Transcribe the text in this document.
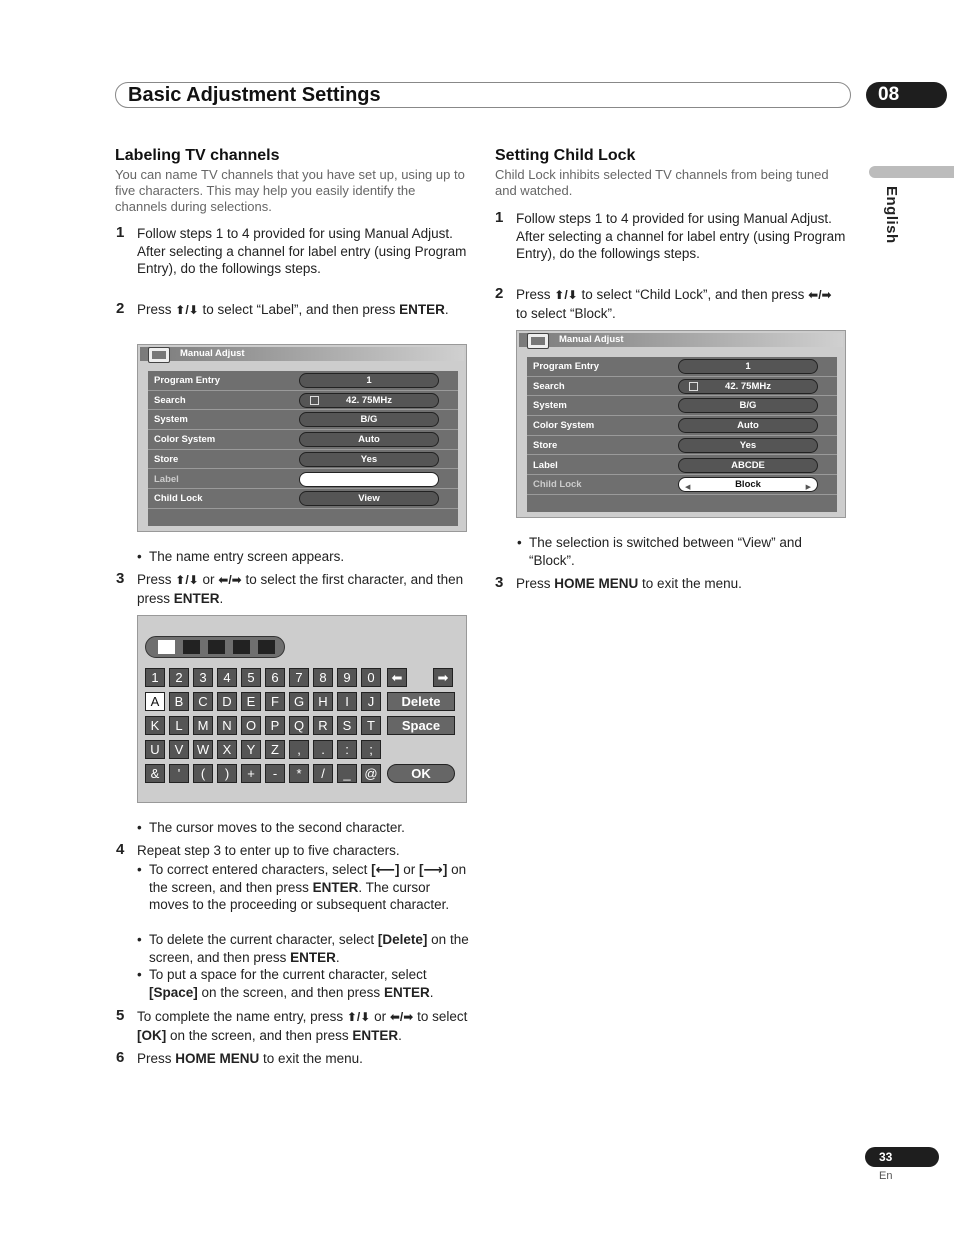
Basic Adjustment Settings	08
English
Labeling TV channels
You can name TV channels that you have set up, using up to five characters. This may help you easily identify the channels during selections.
1 Follow steps 1 to 4 provided for using Manual Adjust.
After selecting a channel for label entry (using Program Entry), do the followings steps.
2 Press ⬆/⬇ to select “Label”, and then press ENTER.
Manual Adjust
Program Entry	1
Search	42. 75MHz
System	B/G
Color System	Auto
Store	Yes
Label
Child Lock	View
• The name entry screen appears.
3 Press ⬆/⬇ or ⬅/➡ to select the first character, and then press ENTER.
1	2	3	4	5	6	7	8	9	0	⬅	➡
A	B	C	D	E	F	G	H	I	J	Delete
K	L	M	N	O	P	Q	R	S	T	Space
U	V	W	X	Y	Z	,	.	:	;
&	'	(	)	+	-	*	/	_	@	OK
• The cursor moves to the second character.
4 Repeat step 3 to enter up to five characters.
• To correct entered characters, select [⟵] or [⟶] on the screen, and then press ENTER. The cursor moves to the proceeding or subsequent character.
• To delete the current character, select [Delete] on the screen, and then press ENTER.
• To put a space for the current character, select [Space] on the screen, and then press ENTER.
5 To complete the name entry, press ⬆/⬇ or ⬅/➡ to select [OK] on the screen, and then press ENTER.
6 Press HOME MENU to exit the menu.
Setting Child Lock
Child Lock inhibits selected TV channels from being tuned and watched.
1 Follow steps 1 to 4 provided for using Manual Adjust.
After selecting a channel for label entry (using Program Entry), do the followings steps.
2 Press ⬆/⬇ to select “Child Lock”, and then press ⬅/➡ to select “Block”.
Manual Adjust
Program Entry	1
Search	42. 75MHz
System	B/G
Color System	Auto
Store	Yes
Label	ABCDE
Child Lock	◀	Block	▶
• The selection is switched between “View” and “Block”.
3 Press HOME MENU to exit the menu.
33
En
